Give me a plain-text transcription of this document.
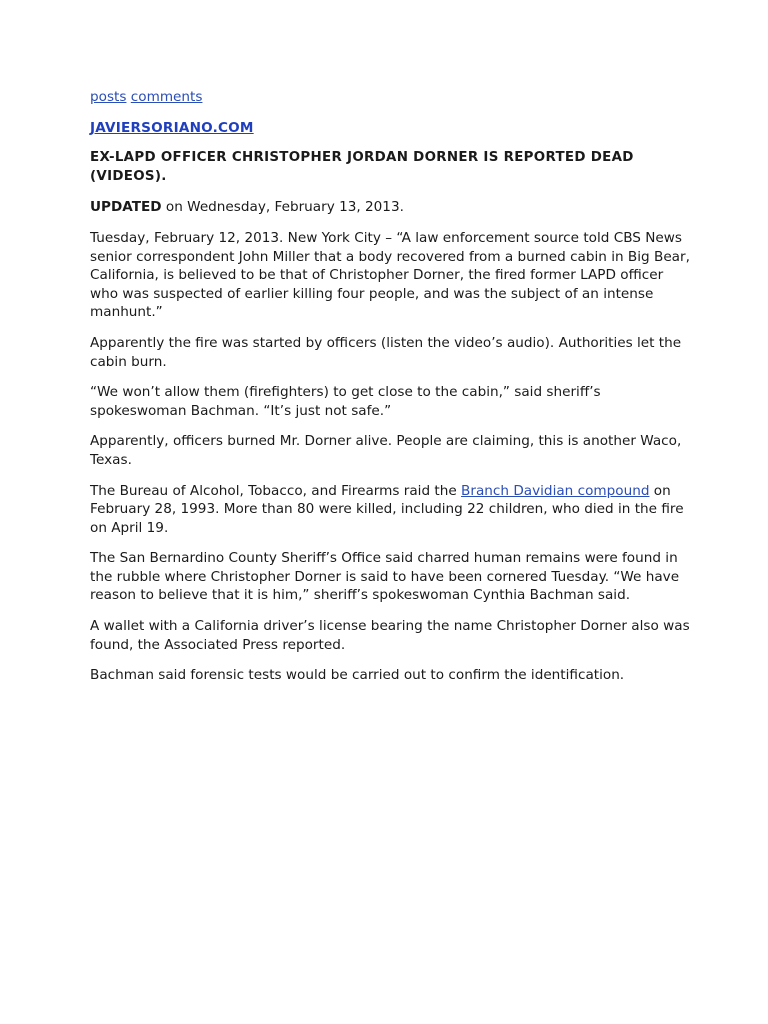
posts comments
JAVIERSORIANO.COM
EX-LAPD OFFICER CHRISTOPHER JORDAN DORNER IS REPORTED DEAD (VIDEOS).

UPDATED on Wednesday, February 13, 2013.

Tuesday, February 12, 2013. New York City – “A law enforcement source told CBS News senior correspondent John Miller that a body recovered from a burned cabin in Big Bear, California, is believed to be that of Christopher Dorner, the fired former LAPD officer who was suspected of earlier killing four people, and was the subject of an intense manhunt.”

Apparently the fire was started by officers (listen the video’s audio). Authorities let the cabin burn.

“We won’t allow them (firefighters) to get close to the cabin,” said sheriff’s spokeswoman Bachman. “It’s just not safe.”

Apparently, officers burned Mr. Dorner alive. People are claiming, this is another Waco, Texas.

The Bureau of Alcohol, Tobacco, and Firearms raid the Branch Davidian compound on February 28, 1993. More than 80 were killed, including 22 children, who died in the fire on April 19.

The San Bernardino County Sheriff’s Office said charred human remains were found in the rubble where Christopher Dorner is said to have been cornered Tuesday. “We have reason to believe that it is him,” sheriff’s spokeswoman Cynthia Bachman said.

A wallet with a California driver’s license bearing the name Christopher Dorner also was found, the Associated Press reported.

Bachman said forensic tests would be carried out to confirm the identification.
